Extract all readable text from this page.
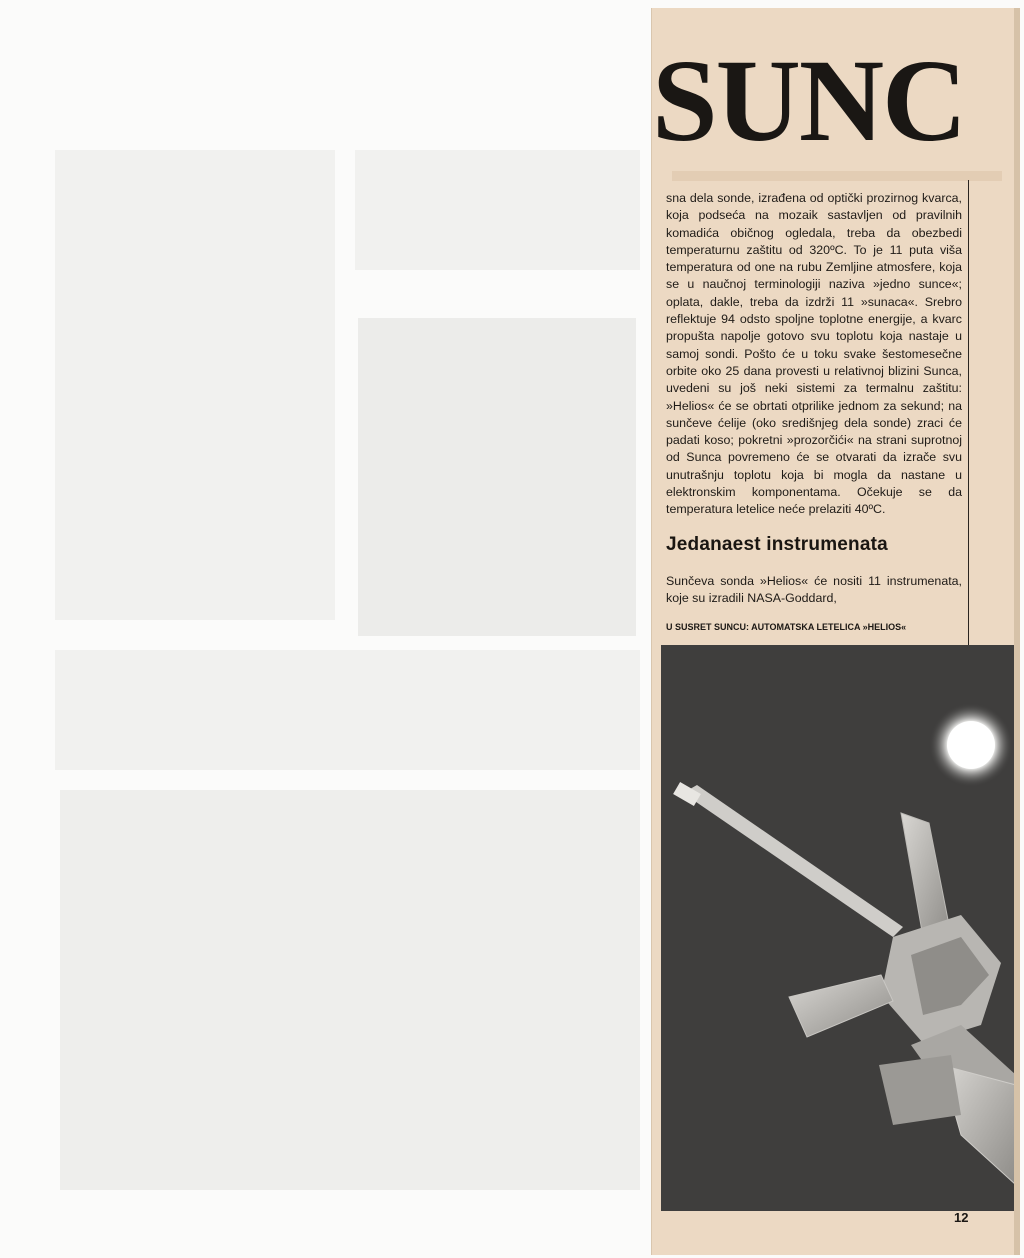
SUNC

sna dela sonde, izrađena od optički prozirnog kvarca, koja podseća na mozaik sastavljen od pravilnih komadića običnog ogledala, treba da obezbedi temperaturnu zaštitu od 320ºC. To je 11 puta viša temperatura od one na rubu Zemljine atmosfere, koja se u naučnoj terminologiji naziva »jedno sunce«; oplata, dakle, treba da izdrži 11 »sunaca«. Srebro reflektuje 94 odsto spoljne toplotne energije, a kvarc propušta napolje gotovo svu toplotu koja nastaje u samoj sondi. Pošto će u toku svake šestomesečne orbite oko 25 dana provesti u relativnoj blizini Sunca, uvedeni su još neki sistemi za termalnu zaštitu: »Helios« će se obrtati otprilike jednom za sekund; na sunčeve ćelije (oko središnjeg dela sonde) zraci će padati koso; pokretni »prozorčići« na strani suprotnoj od Sunca povremeno će se otvarati da izrače svu unutrašnju toplotu koja bi mogla da nastane u elektronskim komponentama. Očekuje se da temperatura letelice neće prelaziti 40ºC.

Jedanaest instrumenata

Sunčeva sonda »Helios« će nositi 11 instrumenata, koje su izradili NASA-Goddard,

U SUSRET SUNCU: AUTOMATSKA LETELICA »HELIOS«

12
